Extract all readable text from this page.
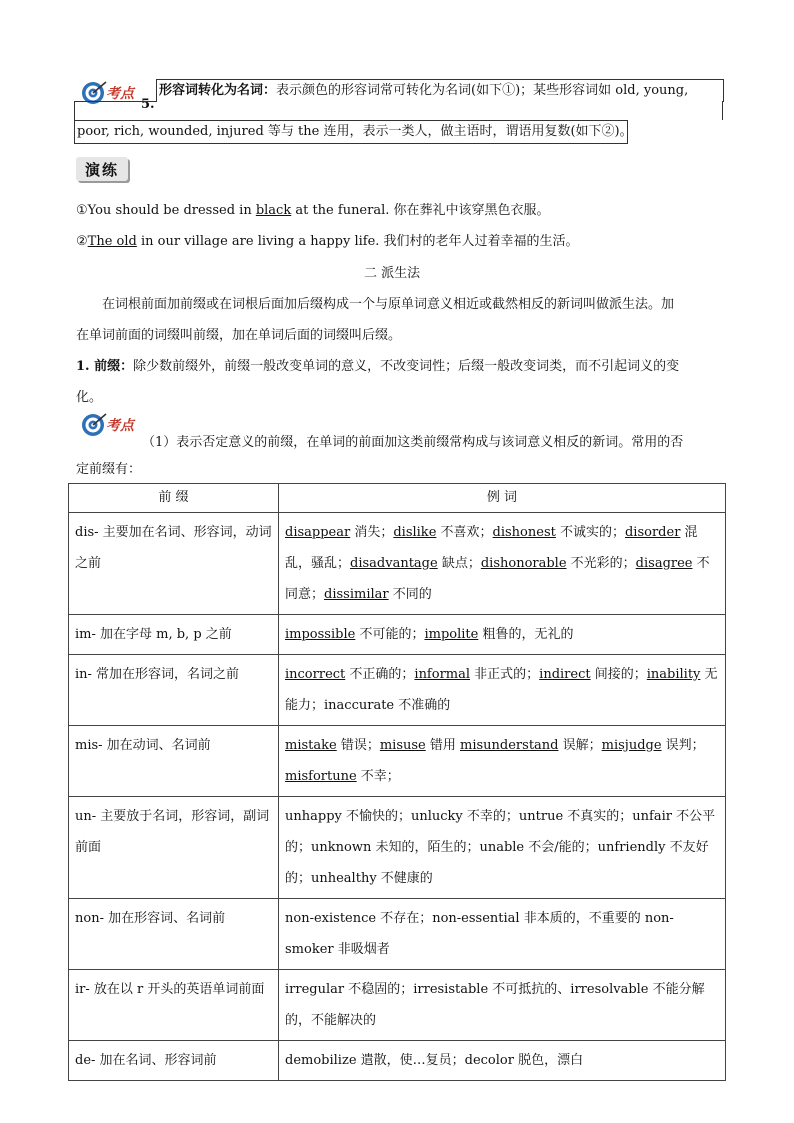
考点
5.
形容词转化为名词：表示颜色的形容词常可转化为名词(如下①)；某些形容词如 old, young,
poor, rich, wounded, injured 等与 the 连用，表示一类人，做主语时，谓语用复数(如下②)。
演练
①You should be dressed in black at the funeral. 你在葬礼中该穿黑色衣服。
②The old in our village are living a happy life. 我们村的老年人过着幸福的生活。
二 派生法
在词根前面加前缀或在词根后面加后缀构成一个与原单词意义相近或截然相反的新词叫做派生法。加
在单词前面的词缀叫前缀，加在单词后面的词缀叫后缀。
1. 前缀：除少数前缀外，前缀一般改变单词的意义，不改变词性；后缀一般改变词类，而不引起词义的变
化。
考点
（1）表示否定意义的前缀，在单词的前面加这类前缀常构成与该词意义相反的新词。常用的否
定前缀有：
前 缀	例 词
dis- 主要加在名词、形容词，动词之前	disappear 消失；dislike 不喜欢；dishonest 不诚实的；disorder 混乱，骚乱；disadvantage 缺点；dishonorable 不光彩的；disagree 不同意；dissimilar 不同的
im- 加在字母 m, b, p 之前	impossible 不可能的；impolite 粗鲁的，无礼的
in- 常加在形容词，名词之前	incorrect 不正确的；informal 非正式的；indirect 间接的；inability 无能力；inaccurate 不准确的
mis- 加在动词、名词前	mistake 错误；misuse 错用 misunderstand 误解；misjudge 误判；misfortune 不幸；
un- 主要放于名词，形容词，副词前面	unhappy 不愉快的；unlucky 不幸的；untrue 不真实的；unfair 不公平的；unknown 未知的，陌生的；unable 不会/能的；unfriendly 不友好的；unhealthy 不健康的
non- 加在形容词、名词前	non-existence 不存在；non-essential 非本质的，不重要的 non-smoker 非吸烟者
ir- 放在以 r 开头的英语单词前面	irregular 不稳固的；irresistable 不可抵抗的、irresolvable 不能分解的，不能解决的
de- 加在名词、形容词前	demobilize 遣散，使…复员；decolor 脱色，漂白
